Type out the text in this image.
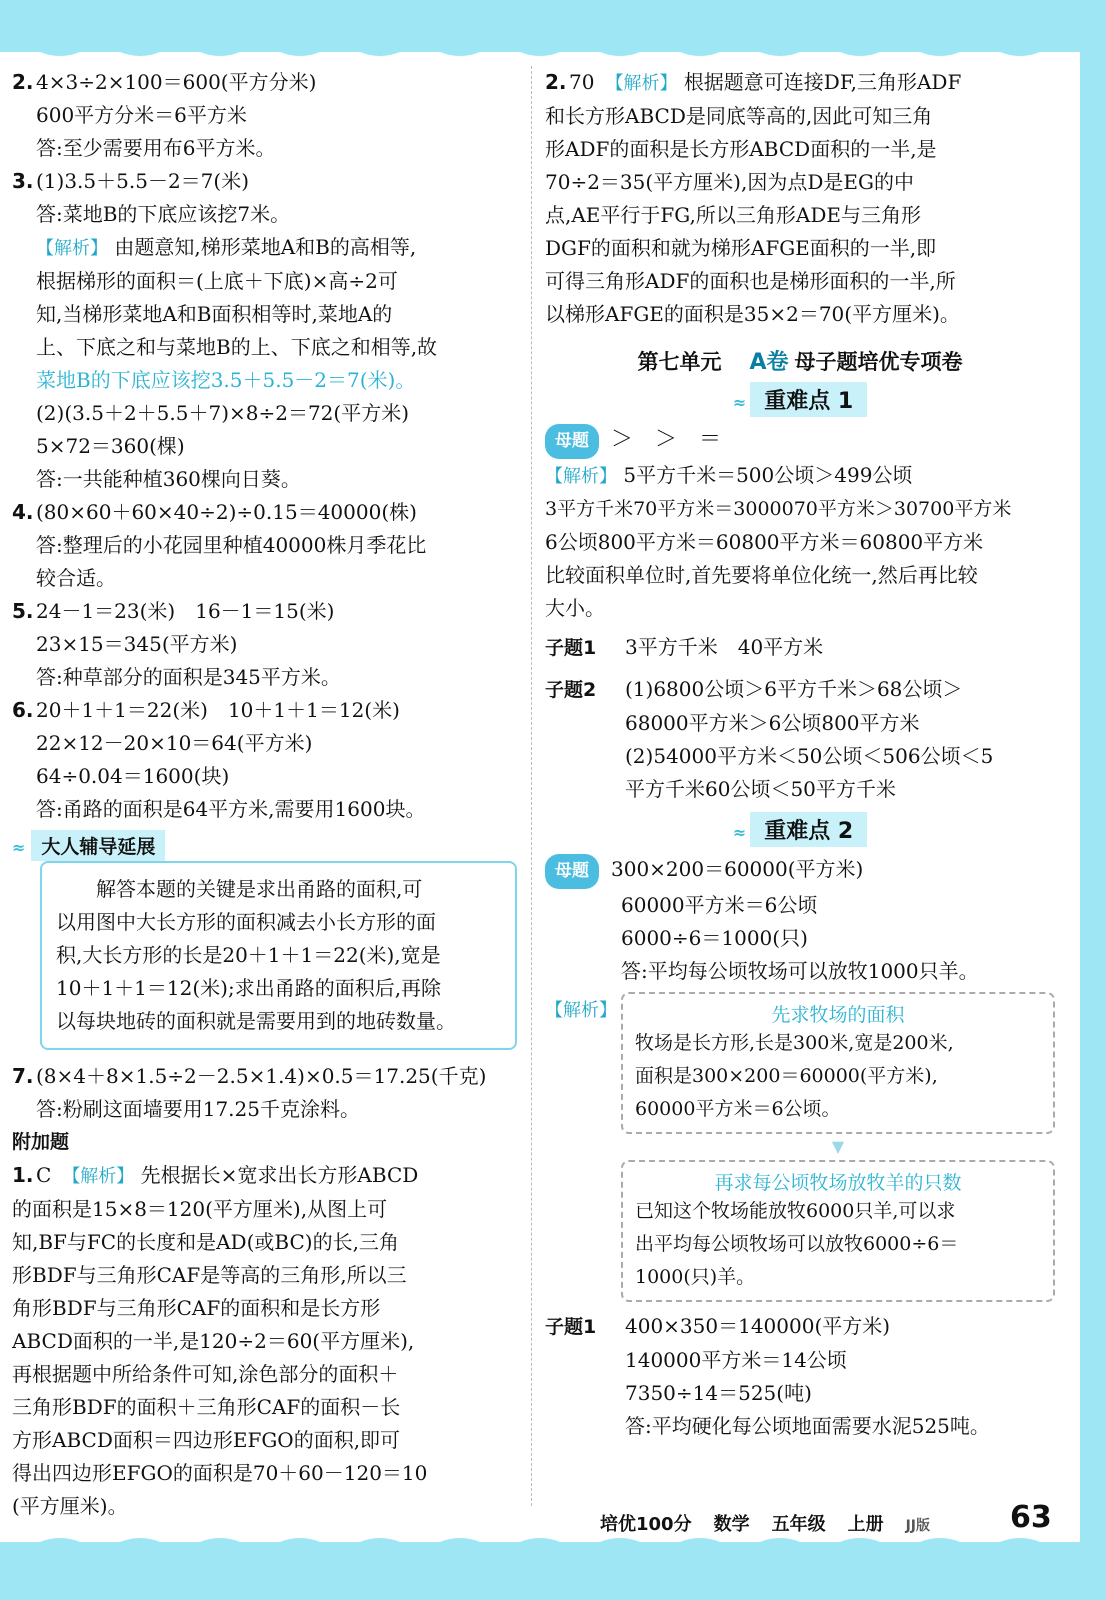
2. 4×3÷2×100＝600(平方分米)
600平方分米＝6平方米
答:至少需要用布6平方米。
3. (1)3.5＋5.5－2＝7(米)
答:菜地B的下底应该挖7米。
【解析】 由题意知,梯形菜地A和B的高相等,
根据梯形的面积＝(上底＋下底)×高÷2可
知,当梯形菜地A和B面积相等时,菜地A的
上、下底之和与菜地B的上、下底之和相等,故
菜地B的下底应该挖3.5＋5.5－2＝7(米)。
(2)(3.5＋2＋5.5＋7)×8÷2＝72(平方米)
5×72＝360(棵)
答:一共能种植360棵向日葵。
4. (80×60＋60×40÷2)÷0.15＝40000(株)
答:整理后的小花园里种植40000株月季花比
较合适。
5. 24－1＝23(米)　16－1＝15(米)
23×15＝345(平方米)
答:种草部分的面积是345平方米。
6. 20＋1＋1＝22(米)　10＋1＋1＝12(米)
22×12－20×10＝64(平方米)
64÷0.04＝1600(块)
答:甬路的面积是64平方米,需要用1600块。
≈ 大人辅导延展
解答本题的关键是求出甬路的面积,可
以用图中大长方形的面积减去小长方形的面
积,大长方形的长是20＋1＋1＝22(米),宽是
10＋1＋1＝12(米);求出甬路的面积后,再除
以每块地砖的面积就是需要用到的地砖数量。
7. (8×4＋8×1.5÷2－2.5×1.4)×0.5＝17.25(千克)
答:粉刷这面墙要用17.25千克涂料。
附加题
1. C　 【解析】 先根据长×宽求出长方形ABCD
的面积是15×8＝120(平方厘米),从图上可
知,BF与FC的长度和是AD(或BC)的长,三角
形BDF与三角形CAF是等高的三角形,所以三
角形BDF与三角形CAF的面积和是长方形
ABCD面积的一半,是120÷2＝60(平方厘米),
再根据题中所给条件可知,涂色部分的面积＋
三角形BDF的面积＋三角形CAF的面积－长
方形ABCD面积＝四边形EFGO的面积,即可
得出四边形EFGO的面积是70＋60－120＝10
(平方厘米)。
2. 70　 【解析】 根据题意可连接DF,三角形ADF
和长方形ABCD是同底等高的,因此可知三角
形ADF的面积是长方形ABCD面积的一半,是
70÷2＝35(平方厘米),因为点D是EG的中
点,AE平行于FG,所以三角形ADE与三角形
DGF的面积和就为梯形AFGE面积的一半,即
可得三角形ADF的面积也是梯形面积的一半,所
以梯形AFGE的面积是35×2＝70(平方厘米)。
第七单元 A卷 母子题培优专项卷
≈ 重难点 1
母题 ＞　＞　＝
【解析】 5平方千米＝500公顷＞499公顷
3平方千米70平方米＝3000070平方米＞30700平方米
6公顷800平方米＝60800平方米＝60800平方米
比较面积单位时,首先要将单位化统一,然后再比较
大小。
子题1 3平方千米　40平方米
子题2 (1)6800公顷＞6平方千米＞68公顷＞
68000平方米＞6公顷800平方米
(2)54000平方米＜50公顷＜506公顷＜5
平方千米60公顷＜50平方千米
≈ 重难点 2
母题 300×200＝60000(平方米)
60000平方米＝6公顷
6000÷6＝1000(只)
答:平均每公顷牧场可以放牧1000只羊。
【解析】	先求牧场的面积
牧场是长方形,长是300米,宽是200米,
面积是300×200＝60000(平方米),
60000平方米＝6公顷。
▼
再求每公顷牧场放牧羊的只数
已知这个牧场能放牧6000只羊,可以求
出平均每公顷牧场可以放牧6000÷6＝
1000(只)羊。
子题1 400×350＝140000(平方米)
140000平方米＝14公顷
7350÷14＝525(吨)
答:平均硬化每公顷地面需要水泥525吨。
培优100分 数学 五年级 上册 JJ版	63
